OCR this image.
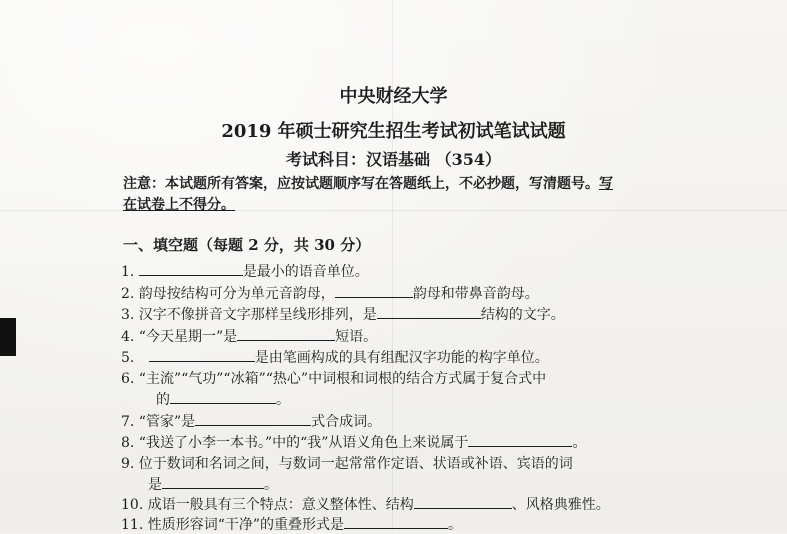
中央财经大学
2019 年硕士研究生招生考试初试笔试试题
考试科目：汉语基础 （354）
注意：本试题所有答案，应按试题顺序写在答题纸上，不必抄题，写清题号。写
在试卷上不得分。
一、填空题（每题 2 分，共 30 分）
1.	是最小的语音单位。
2. 韵母按结构可分为单元音韵母，	韵母和带鼻音韵母。
3. 汉字不像拼音文字那样呈线形排列，是	结构的文字。
4. “今天星期一”是	短语。
5.	是由笔画构成的具有组配汉字功能的构字单位。
6. “主流”“气功”“冰箱”“热心”中词根和词根的结合方式属于复合式中
的	。
7. “管家”是	式合成词。
8. “我送了小李一本书。”中的“我”从语义角色上来说属于	。
9. 位于数词和名词之间，与数词一起常常作定语、状语或补语、宾语的词
是	。
10. 成语一般具有三个特点：意义整体性、结构	、风格典雅性。
11. 性质形容词“干净”的重叠形式是	。
